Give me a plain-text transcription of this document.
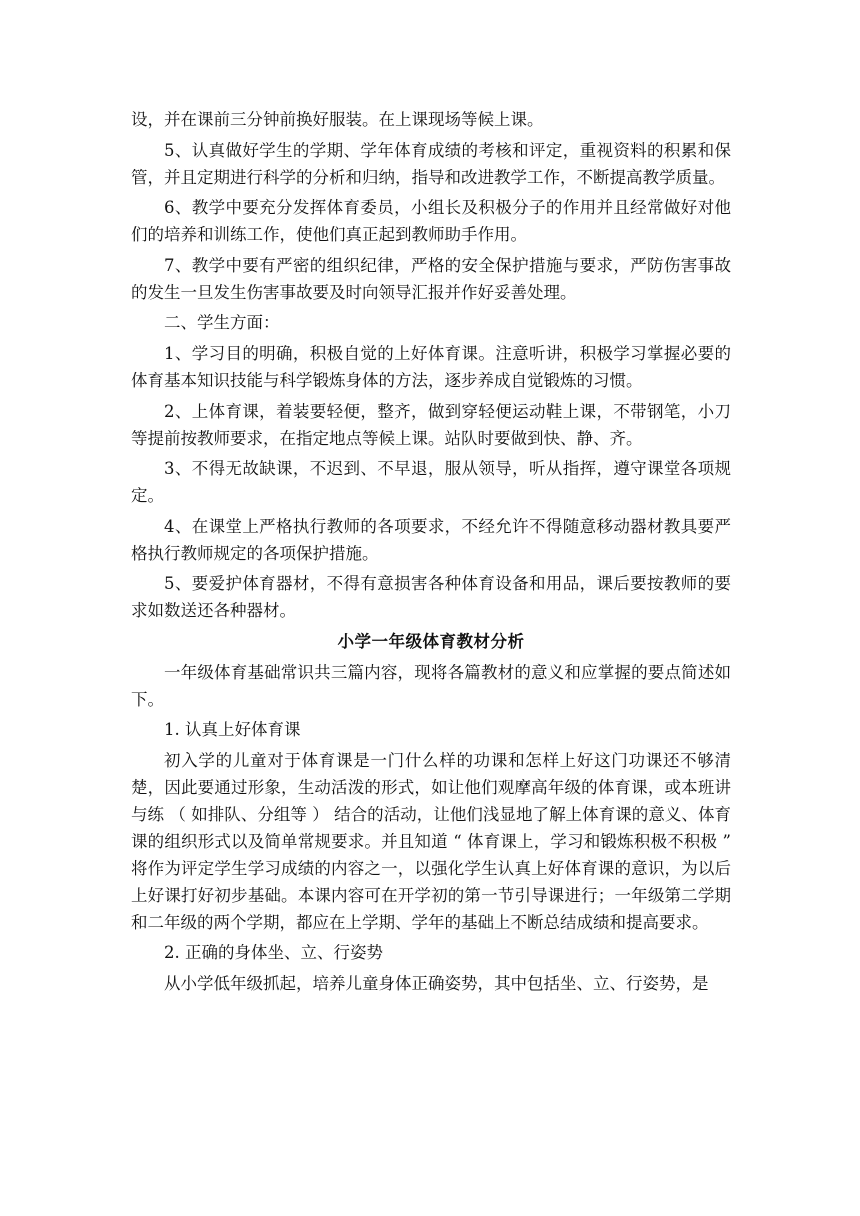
设，并在课前三分钟前换好服装。在上课现场等候上课。

5、认真做好学生的学期、学年体育成绩的考核和评定，重视资料的积累和保管，并且定期进行科学的分析和归纳，指导和改进教学工作，不断提高教学质量。

6、教学中要充分发挥体育委员，小组长及积极分子的作用并且经常做好对他们的培养和训练工作，使他们真正起到教师助手作用。

7、教学中要有严密的组织纪律，严格的安全保护措施与要求，严防伤害事故的发生一旦发生伤害事故要及时向领导汇报并作好妥善处理。

二、学生方面：

1、学习目的明确，积极自觉的上好体育课。注意听讲，积极学习掌握必要的体育基本知识技能与科学锻炼身体的方法，逐步养成自觉锻炼的习惯。

2、上体育课，着装要轻便，整齐，做到穿轻便运动鞋上课，不带钢笔，小刀等提前按教师要求，在指定地点等候上课。站队时要做到快、静、齐。

3、不得无故缺课，不迟到、不早退，服从领导，听从指挥，遵守课堂各项规定。

4、在课堂上严格执行教师的各项要求，不经允许不得随意移动器材教具要严格执行教师规定的各项保护措施。

5、要爱护体育器材，不得有意损害各种体育设备和用品，课后要按教师的要求如数送还各种器材。

小学一年级体育教材分析

一年级体育基础常识共三篇内容，现将各篇教材的意义和应掌握的要点简述如下。

1. 认真上好体育课

初入学的儿童对于体育课是一门什么样的功课和怎样上好这门功课还不够清楚，因此要通过形象，生动活泼的形式，如让他们观摩高年级的体育课，或本班讲与练 （ 如排队、分组等 ） 结合的活动，让他们浅显地了解上体育课的意义、体育课的组织形式以及简单常规要求。并且知道 “ 体育课上，学习和锻炼积极不积极 ” 将作为评定学生学习成绩的内容之一，以强化学生认真上好体育课的意识，为以后上好课打好初步基础。本课内容可在开学初的第一节引导课进行；一年级第二学期和二年级的两个学期，都应在上学期、学年的基础上不断总结成绩和提高要求。

2. 正确的身体坐、立、行姿势

从小学低年级抓起，培养儿童身体正确姿势，其中包括坐、立、行姿势，是
